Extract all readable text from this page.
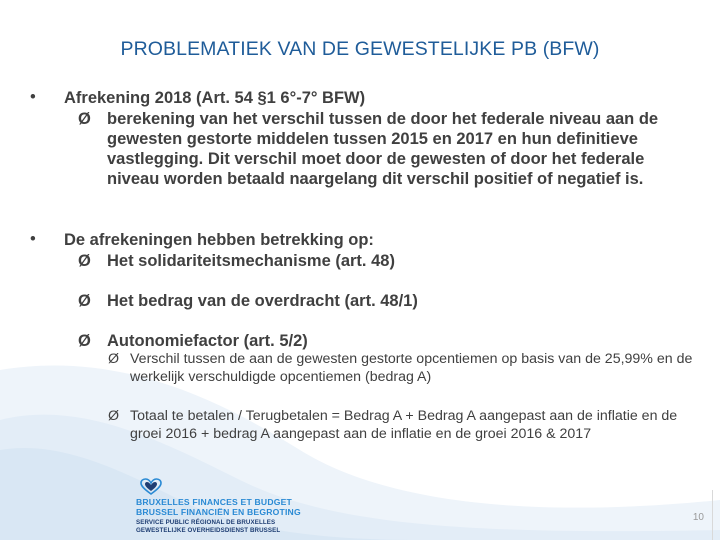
PROBLEMATIEK VAN DE GEWESTELIJKE PB (BFW)
• Afrekening 2018 (Art. 54 §1 6°-7° BFW)
Ø berekening van het verschil tussen de door het federale niveau aan de gewesten gestorte middelen tussen 2015 en 2017 en hun definitieve vastlegging. Dit verschil moet door de gewesten of door het federale niveau worden betaald naargelang dit verschil positief of negatief is.
• De afrekeningen hebben betrekking op:
Ø Het solidariteitsmechanisme (art. 48)
Ø Het bedrag van de overdracht (art. 48/1)
Ø Autonomiefactor (art. 5/2)
Ø Verschil tussen de aan de gewesten gestorte opcentiemen op basis van de 25,99% en de werkelijk verschuldigde opcentiemen (bedrag A)
Ø Totaal te betalen / Terugbetalen = Bedrag A + Bedrag A aangepast aan de inflatie en de groei 2016 + bedrag A aangepast aan de inflatie en de groei 2016 & 2017
BRUXELLES FINANCES ET BUDGET
BRUSSEL FINANCIËN EN BEGROTING
SERVICE PUBLIC RÉGIONAL DE BRUXELLES
GEWESTELIJKE OVERHEIDSDIENST BRUSSEL
10
